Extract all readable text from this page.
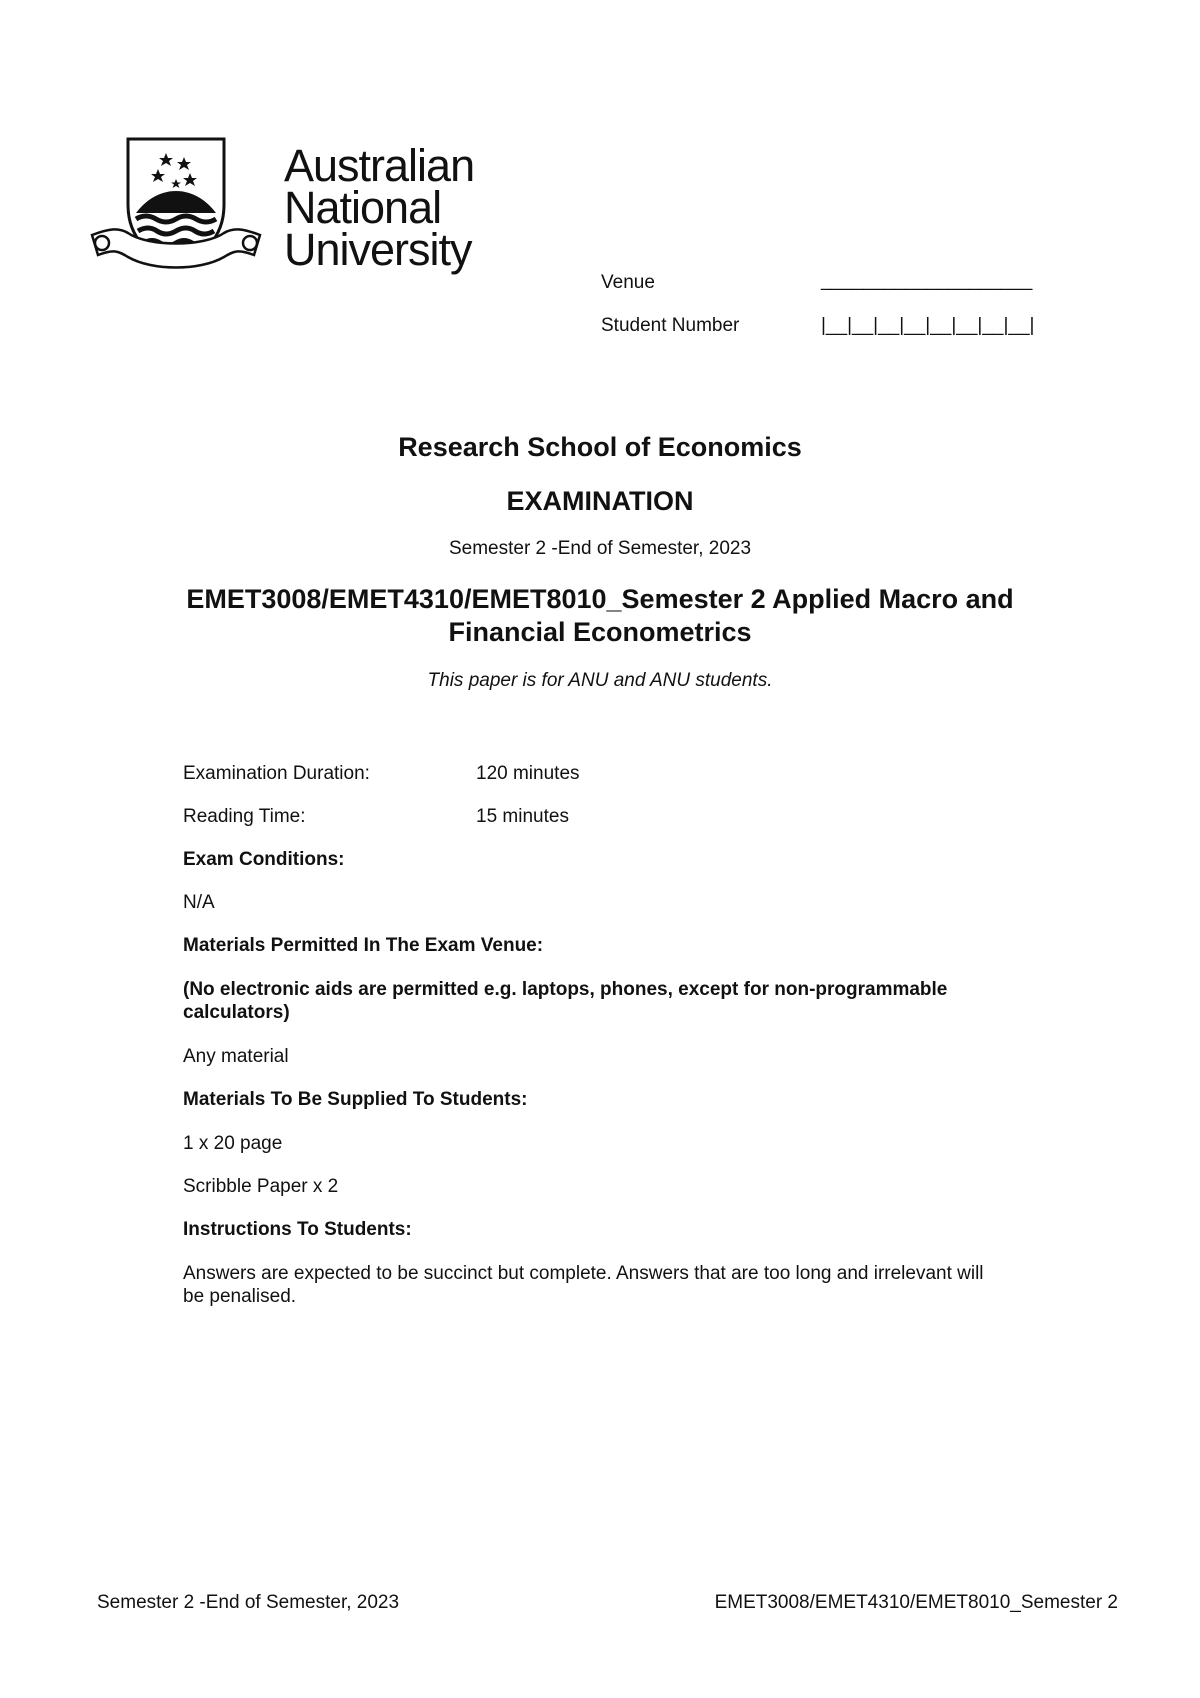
Australian
National
University
Venue	____________________
Student Number	|__|__|__|__|__|__|__|__|
Research School of Economics
EXAMINATION
Semester 2 -End of Semester, 2023
EMET3008/EMET4310/EMET8010_Semester 2 Applied Macro and
Financial Econometrics
This paper is for ANU and ANU students.
Examination Duration:	120 minutes
Reading Time:	15 minutes
Exam Conditions:
N/A
Materials Permitted In The Exam Venue:
(No electronic aids are permitted e.g. laptops, phones, except for non-programmable
calculators)
Any material
Materials To Be Supplied To Students:
1 x 20 page
Scribble Paper x 2
Instructions To Students:
Answers are expected to be succinct but complete. Answers that are too long and irrelevant will
be penalised.
Semester 2 -End of Semester, 2023	EMET3008/EMET4310/EMET8010_Semester 2
